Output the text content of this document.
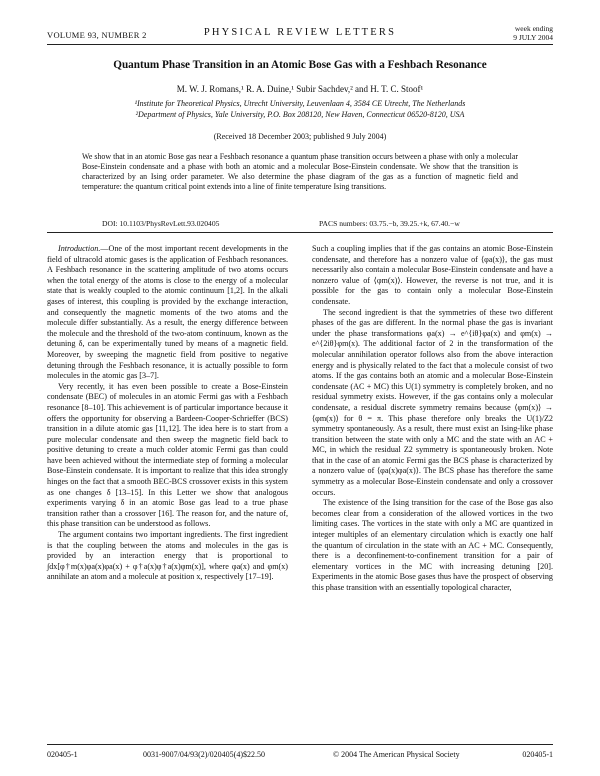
VOLUME 93, NUMBER 2	PHYSICAL REVIEW LETTERS	week ending
9 JULY 2004
Quantum Phase Transition in an Atomic Bose Gas with a Feshbach Resonance
M. W. J. Romans,¹ R. A. Duine,¹ Subir Sachdev,² and H. T. C. Stoof¹
¹Institute for Theoretical Physics, Utrecht University, Leuvenlaan 4, 3584 CE Utrecht, The Netherlands
²Department of Physics, Yale University, P.O. Box 208120, New Haven, Connecticut 06520-8120, USA
(Received 18 December 2003; published 9 July 2004)
We show that in an atomic Bose gas near a Feshbach resonance a quantum phase transition occurs between a phase with only a molecular Bose-Einstein condensate and a phase with both an atomic and a molecular Bose-Einstein condensate. We show that the transition is characterized by an Ising order parameter. We also determine the phase diagram of the gas as a function of magnetic field and temperature: the quantum critical point extends into a line of finite temperature Ising transitions.
DOI: 10.1103/PhysRevLett.93.020405	PACS numbers: 03.75.−b, 39.25.+k, 67.40.−w

Introduction.—One of the most important recent developments in the field of ultracold atomic gases is the application of Feshbach resonances. A Feshbach resonance in the scattering amplitude of two atoms occurs when the total energy of the atoms is close to the energy of a molecular state that is weakly coupled to the atomic continuum [1,2]. In the alkali gases of interest, this coupling is provided by the exchange interaction, and consequently the magnetic moments of the two atoms and the molecule differ substantially. As a result, the energy difference between the molecule and the threshold of the two-atom continuum, known as the detuning δ, can be experimentally tuned by means of a magnetic field. Moreover, by sweeping the magnetic field from positive to negative detuning through the Feshbach resonance, it is actually possible to form molecules in the atomic gas [3–7].

Very recently, it has even been possible to create a Bose-Einstein condensate (BEC) of molecules in an atomic Fermi gas with a Feshbach resonance [8–10]. This achievement is of particular importance because it offers the opportunity for observing a Bardeen-Cooper-Schrieffer (BCS) transition in a dilute atomic gas [11,12]. The idea here is to start from a pure molecular condensate and then sweep the magnetic field back to positive detuning to create a much colder atomic Fermi gas than could have been achieved without the intermediate step of forming a molecular Bose-Einstein condensate. It is important to realize that this idea strongly hinges on the fact that a smooth BEC-BCS crossover exists in this system as one changes δ [13–15]. In this Letter we show that analogous experiments varying δ in an atomic Bose gas lead to a true phase transition rather than a crossover [16]. The reason for, and the nature of, this phase transition can be understood as follows.

The argument contains two important ingredients. The first ingredient is that the coupling between the atoms and molecules in the gas is provided by an interaction energy that is proportional to ∫dx[φ†m(x)φa(x)φa(x) + φ†a(x)φ†a(x)φm(x)], where φa(x) and φm(x) annihilate an atom and a molecule at position x, respectively [17–19].

Such a coupling implies that if the gas contains an atomic Bose-Einstein condensate, and therefore has a nonzero value of ⟨φa(x)⟩, the gas must necessarily also contain a molecular Bose-Einstein condensate and have a nonzero value of ⟨φm(x)⟩. However, the reverse is not true, and it is possible for the gas to contain only a molecular Bose-Einstein condensate.

The second ingredient is that the symmetries of these two different phases of the gas are different. In the normal phase the gas is invariant under the phase transformations φa(x) → e^{iθ}φa(x) and φm(x) → e^{2iθ}φm(x). The additional factor of 2 in the transformation of the molecular annihilation operator follows also from the above interaction energy and is physically related to the fact that a molecule consist of two atoms. If the gas contains both an atomic and a molecular Bose-Einstein condensate (AC + MC) this U(1) symmetry is completely broken, and no residual symmetry exists. However, if the gas contains only a molecular condensate, a residual discrete symmetry remains because ⟨φm(x)⟩ → ⟨φm(x)⟩ for θ = π. This phase therefore only breaks the U(1)/Z2 symmetry spontaneously. As a result, there must exist an Ising-like phase transition between the state with only a MC and the state with an AC + MC, in which the residual Z2 symmetry is spontaneously broken. Note that in the case of an atomic Fermi gas the BCS phase is characterized by a nonzero value of ⟨φa(x)φa(x)⟩. The BCS phase has therefore the same symmetry as a molecular Bose-Einstein condensate and only a crossover occurs.

The existence of the Ising transition for the case of the Bose gas also becomes clear from a consideration of the allowed vortices in the two limiting cases. The vortices in the state with only a MC are quantized in integer multiples of an elementary circulation which is exactly one half the quantum of circulation in the state with an AC + MC. Consequently, there is a deconfinement-to-confinement transition for a pair of elementary vortices in the MC with increasing detuning [20]. Experiments in the atomic Bose gases thus have the prospect of observing this phase transition with an essentially topological character,

020405-1	0031-9007/04/93(2)/020405(4)$22.50	© 2004 The American Physical Society	020405-1
